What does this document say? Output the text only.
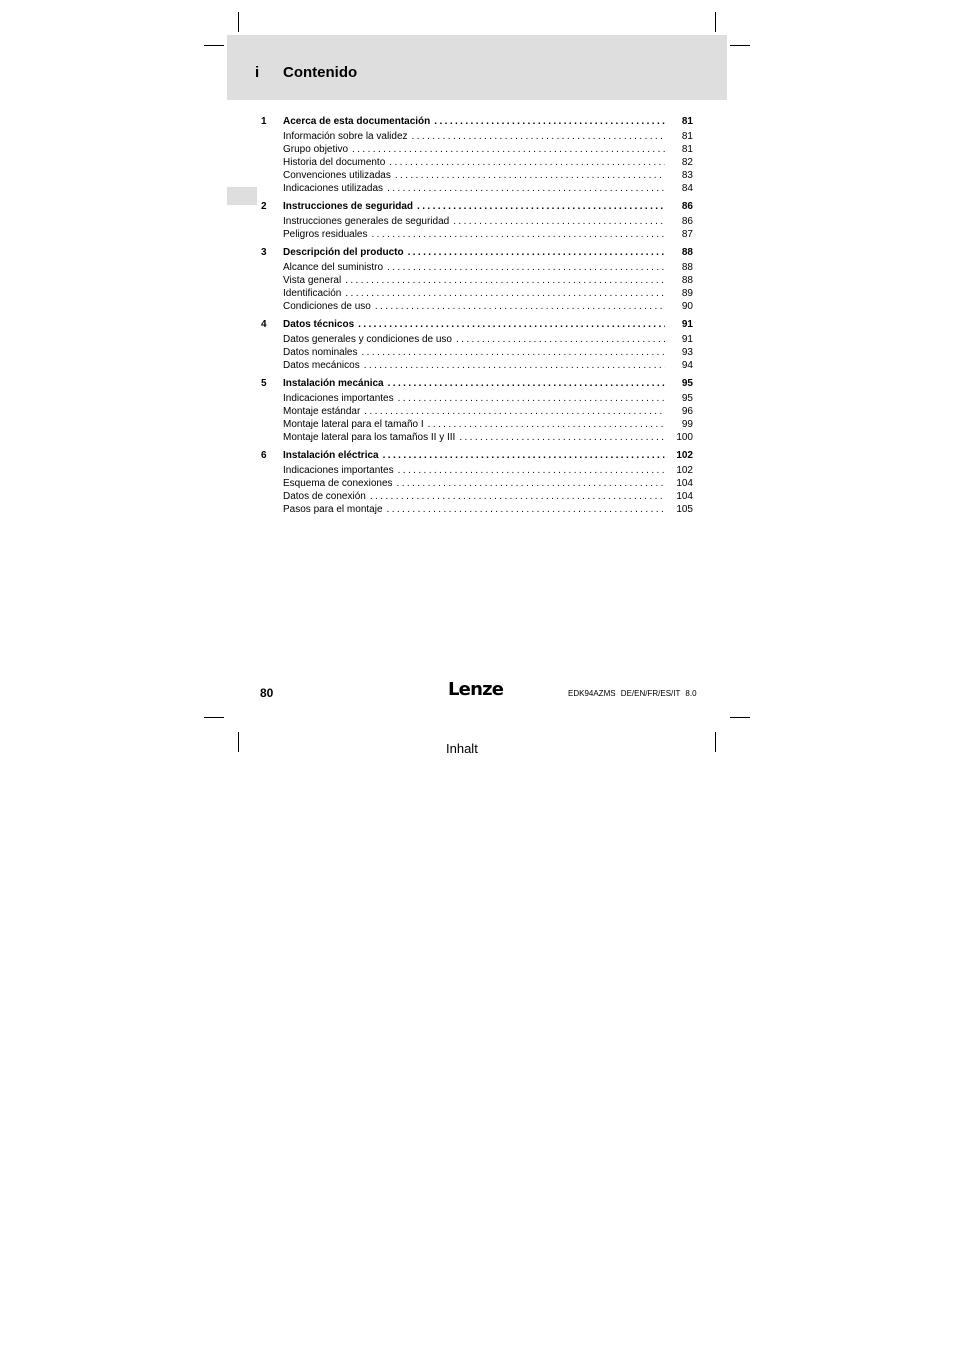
i Contenido
1 Acerca de esta documentación .....	81
Información sobre la validez .....	81
Grupo objetivo .....	81
Historia del documento .....	82
Convenciones utilizadas .....	83
Indicaciones utilizadas .....	84
2 Instrucciones de seguridad .....	86
Instrucciones generales de seguridad .....	86
Peligros residuales .....	87
3 Descripción del producto .....	88
Alcance del suministro .....	88
Vista general .....	88
Identificación .....	89
Condiciones de uso .....	90
4 Datos técnicos .....	91
Datos generales y condiciones de uso .....	91
Datos nominales .....	93
Datos mecánicos .....	94
5 Instalación mecánica .....	95
Indicaciones importantes .....	95
Montaje estándar .....	96
Montaje lateral para el tamaño I .....	99
Montaje lateral para los tamaños II y III .....	100
6 Instalación eléctrica .....	102
Indicaciones importantes .....	102
Esquema de conexiones .....	104
Datos de conexión .....	104
Pasos para el montaje .....	105
80	Lenze	EDK94AZMS DE/EN/FR/ES/IT 8.0
Inhalt
